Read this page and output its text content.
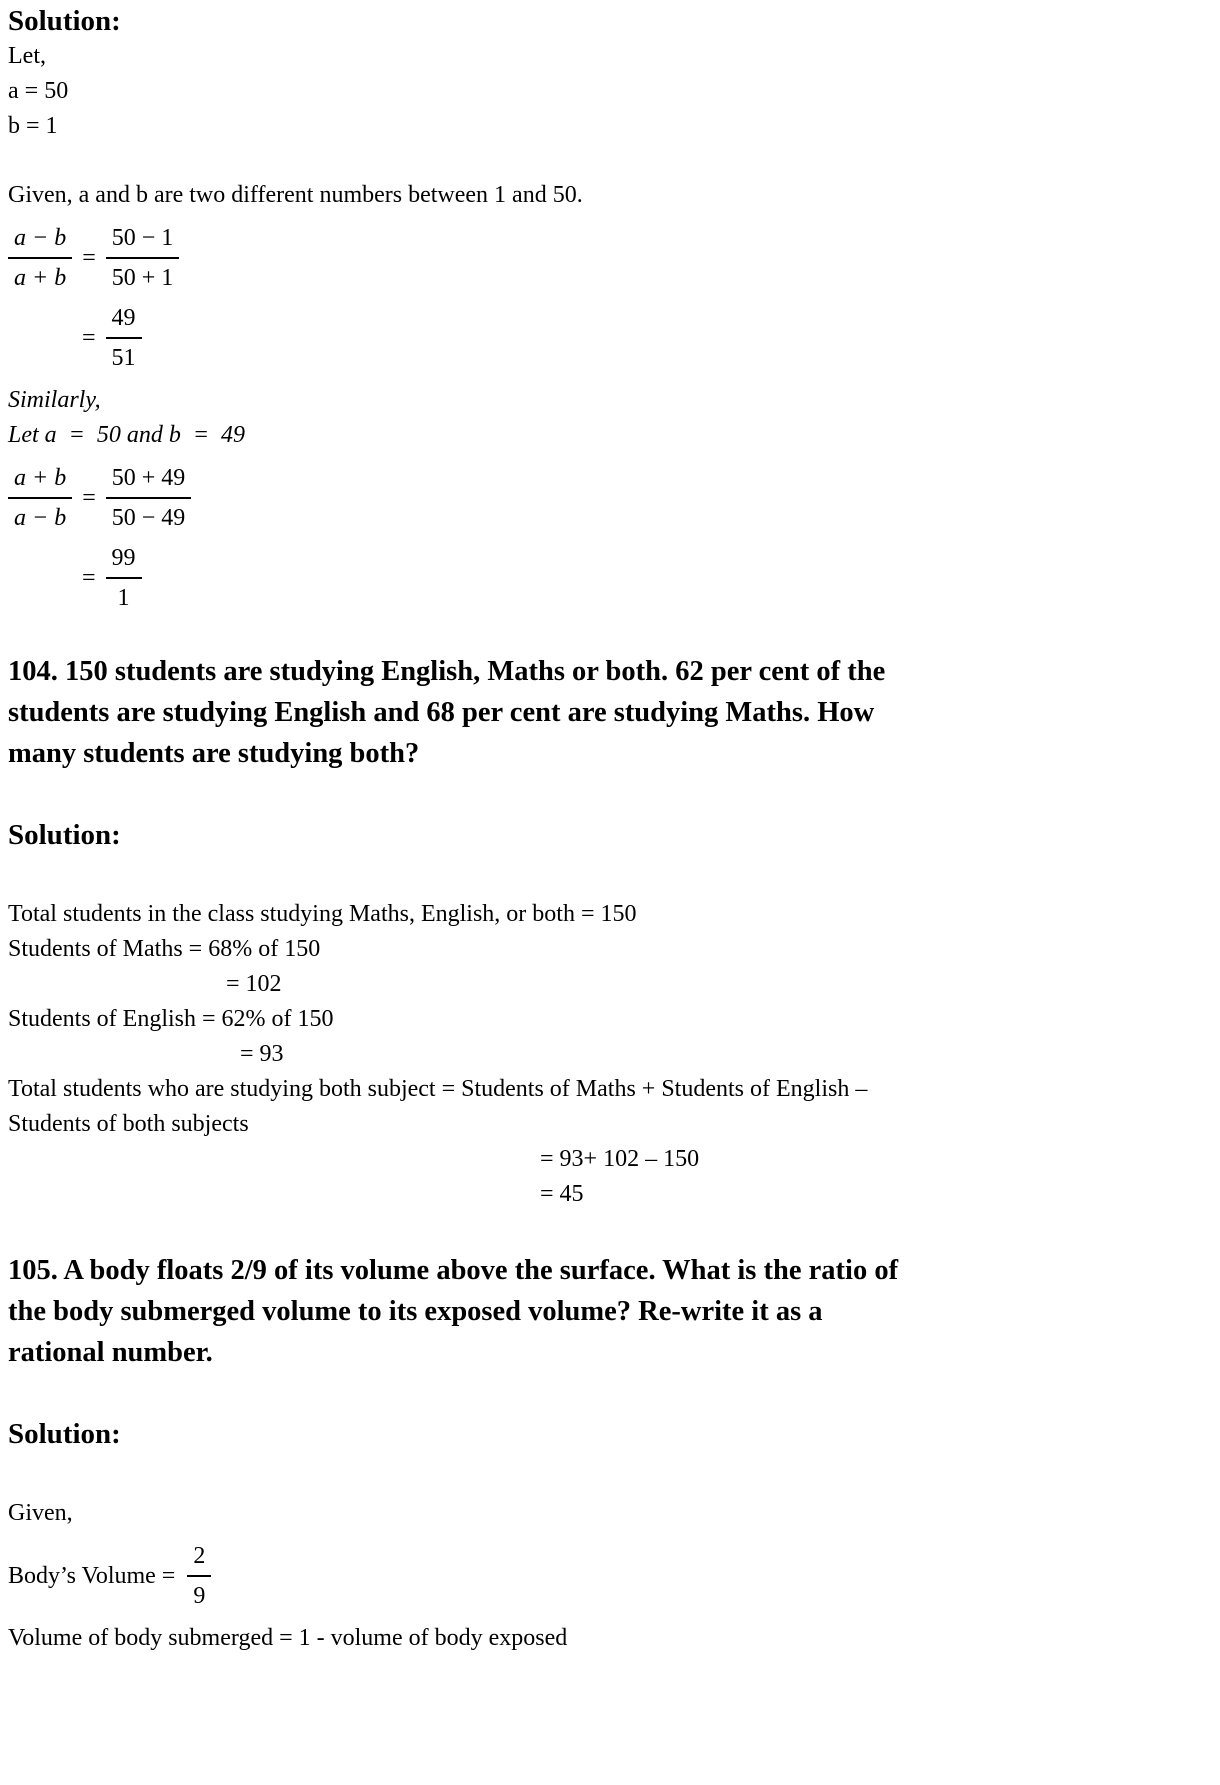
Solution:

Let,

a = 50

b = 1

Given, a and b are two different numbers between 1 and 50.

$\frac{a - b}{a + b} = \frac{50 - 1}{50 + 1}$
= $\frac{49}{51}$

Similarly,

Let a  =  50 and b  =  49

$\frac{a + b}{a - b} = \frac{50 + 49}{50 - 49}$
= $\frac{99}{1}$

104. 150 students are studying English, Maths or both. 62 per cent of the

students are studying English and 68 per cent are studying Maths. How

many students are studying both?

Solution:

Total students in the class studying Maths, English, or both = 150

Students of Maths = 68% of 150

= 102

Students of English = 62% of 150

= 93

Total students who are studying both subject = Students of Maths + Students of English –

Students of both subjects

= 93+ 102 – 150

= 45

105. A body floats 2/9 of its volume above the surface. What is the ratio of

the body submerged volume to its exposed volume? Re-write it as a

rational number.

Solution:

Given,

Body’s Volume = $\frac{2}{9}$

Volume of body submerged = 1 - volume of body exposed
